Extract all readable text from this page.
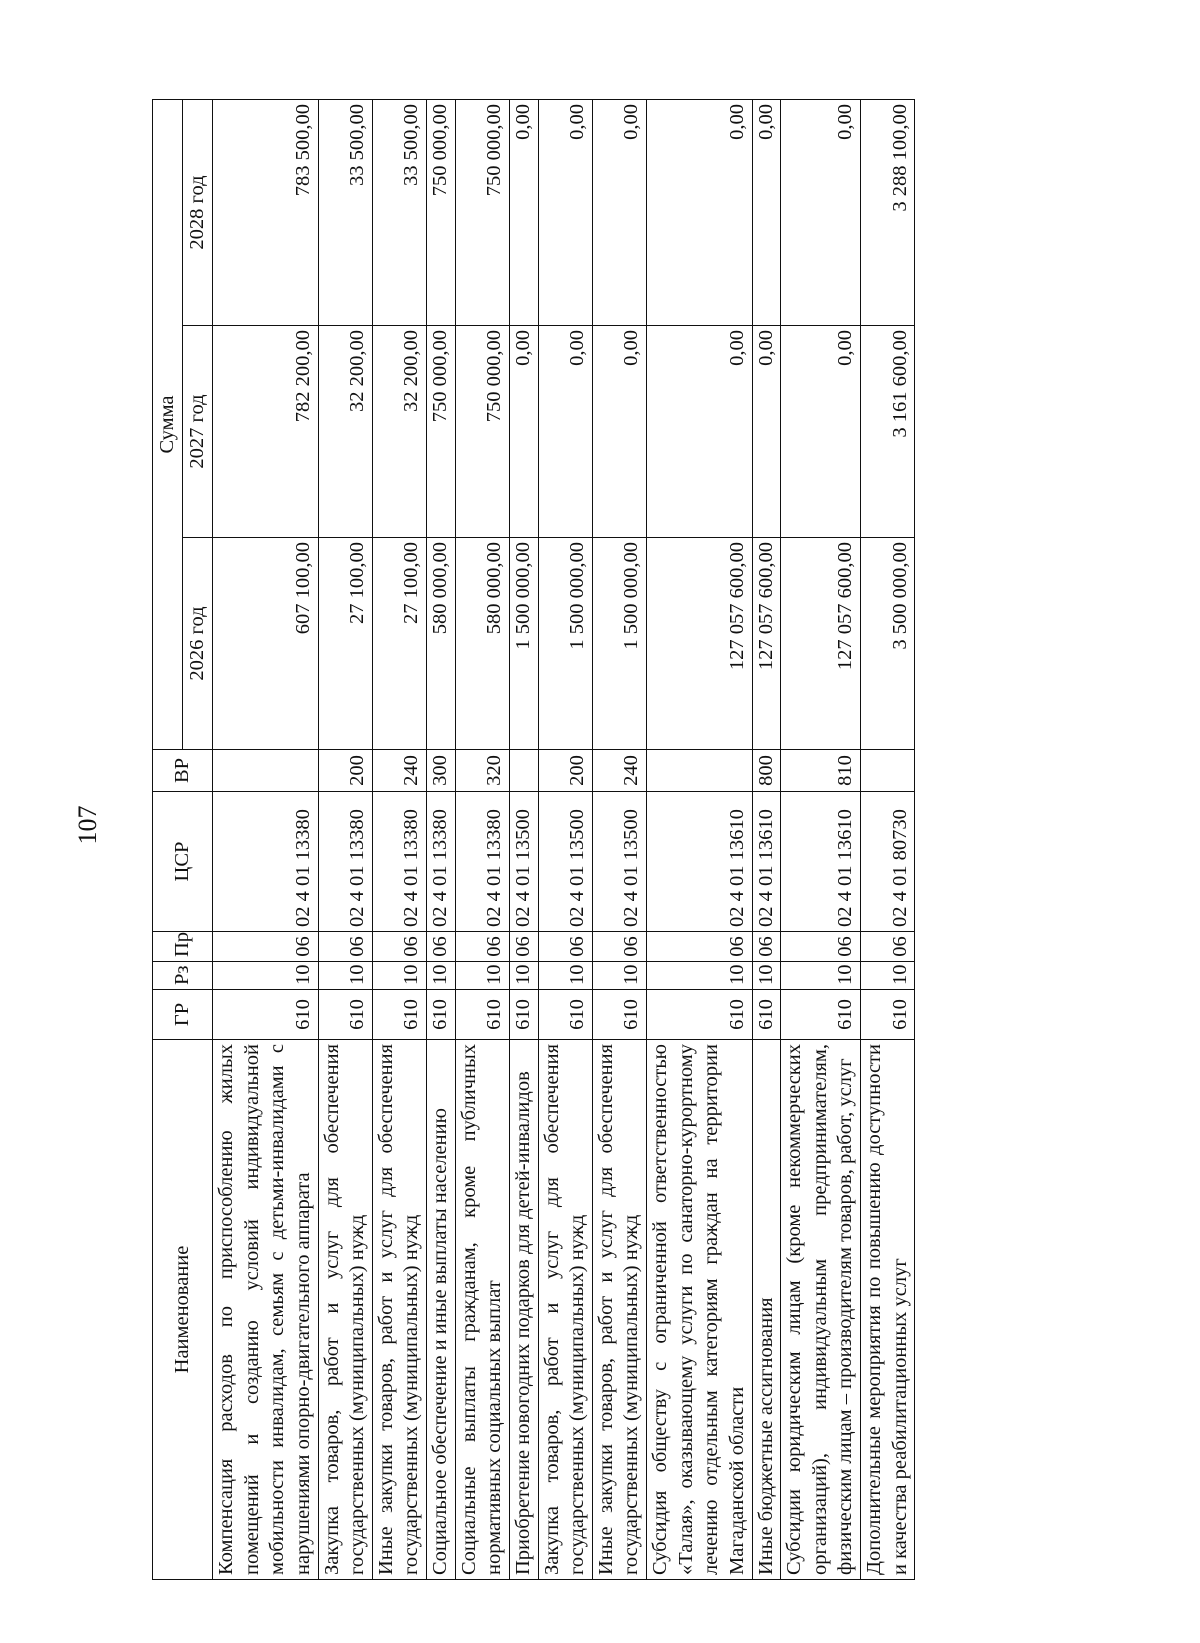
107
Наименование	ГР	Рз	Пр	ЦСР	ВР	Сумма		
						2026 год	2027 год	2028 год
Компенсация расходов по приспособлению жилых помещений и созданию условий индивидуальной мобильности инвалидам, семьям с детьми-инвалидами с нарушениями опорно-двигательного аппарата	610	10	06	02 4 01 13380		607 100,00	782 200,00	783 500,00
Закупка товаров, работ и услуг для обеспечения государственных (муниципальных) нужд	610	10	06	02 4 01 13380	200	27 100,00	32 200,00	33 500,00
Иные закупки товаров, работ и услуг для обеспечения государственных (муниципальных) нужд	610	10	06	02 4 01 13380	240	27 100,00	32 200,00	33 500,00
Социальное обеспечение и иные выплаты населению	610	10	06	02 4 01 13380	300	580 000,00	750 000,00	750 000,00
Социальные выплаты гражданам, кроме публичных нормативных социальных выплат	610	10	06	02 4 01 13380	320	580 000,00	750 000,00	750 000,00
Приобретение новогодних подарков для детей-инвалидов	610	10	06	02 4 01 13500		1 500 000,00	0,00	0,00
Закупка товаров, работ и услуг для обеспечения государственных (муниципальных) нужд	610	10	06	02 4 01 13500	200	1 500 000,00	0,00	0,00
Иные закупки товаров, работ и услуг для обеспечения государственных (муниципальных) нужд	610	10	06	02 4 01 13500	240	1 500 000,00	0,00	0,00
Субсидия обществу с ограниченной ответственностью «Талая», оказывающему услуги по санаторно-курортному лечению отдельным категориям граждан на территории Магаданской области	610	10	06	02 4 01 13610		127 057 600,00	0,00	0,00
Иные бюджетные ассигнования	610	10	06	02 4 01 13610	800	127 057 600,00	0,00	0,00
Субсидии юридическим лицам (кроме некоммерческих организаций), индивидуальным предпринимателям, физическим лицам – производителям товаров, работ, услуг	610	10	06	02 4 01 13610	810	127 057 600,00	0,00	0,00
Дополнительные мероприятия по повышению доступности и качества реабилитационных услуг	610	10	06	02 4 01 80730		3 500 000,00	3 161 600,00	3 288 100,00
